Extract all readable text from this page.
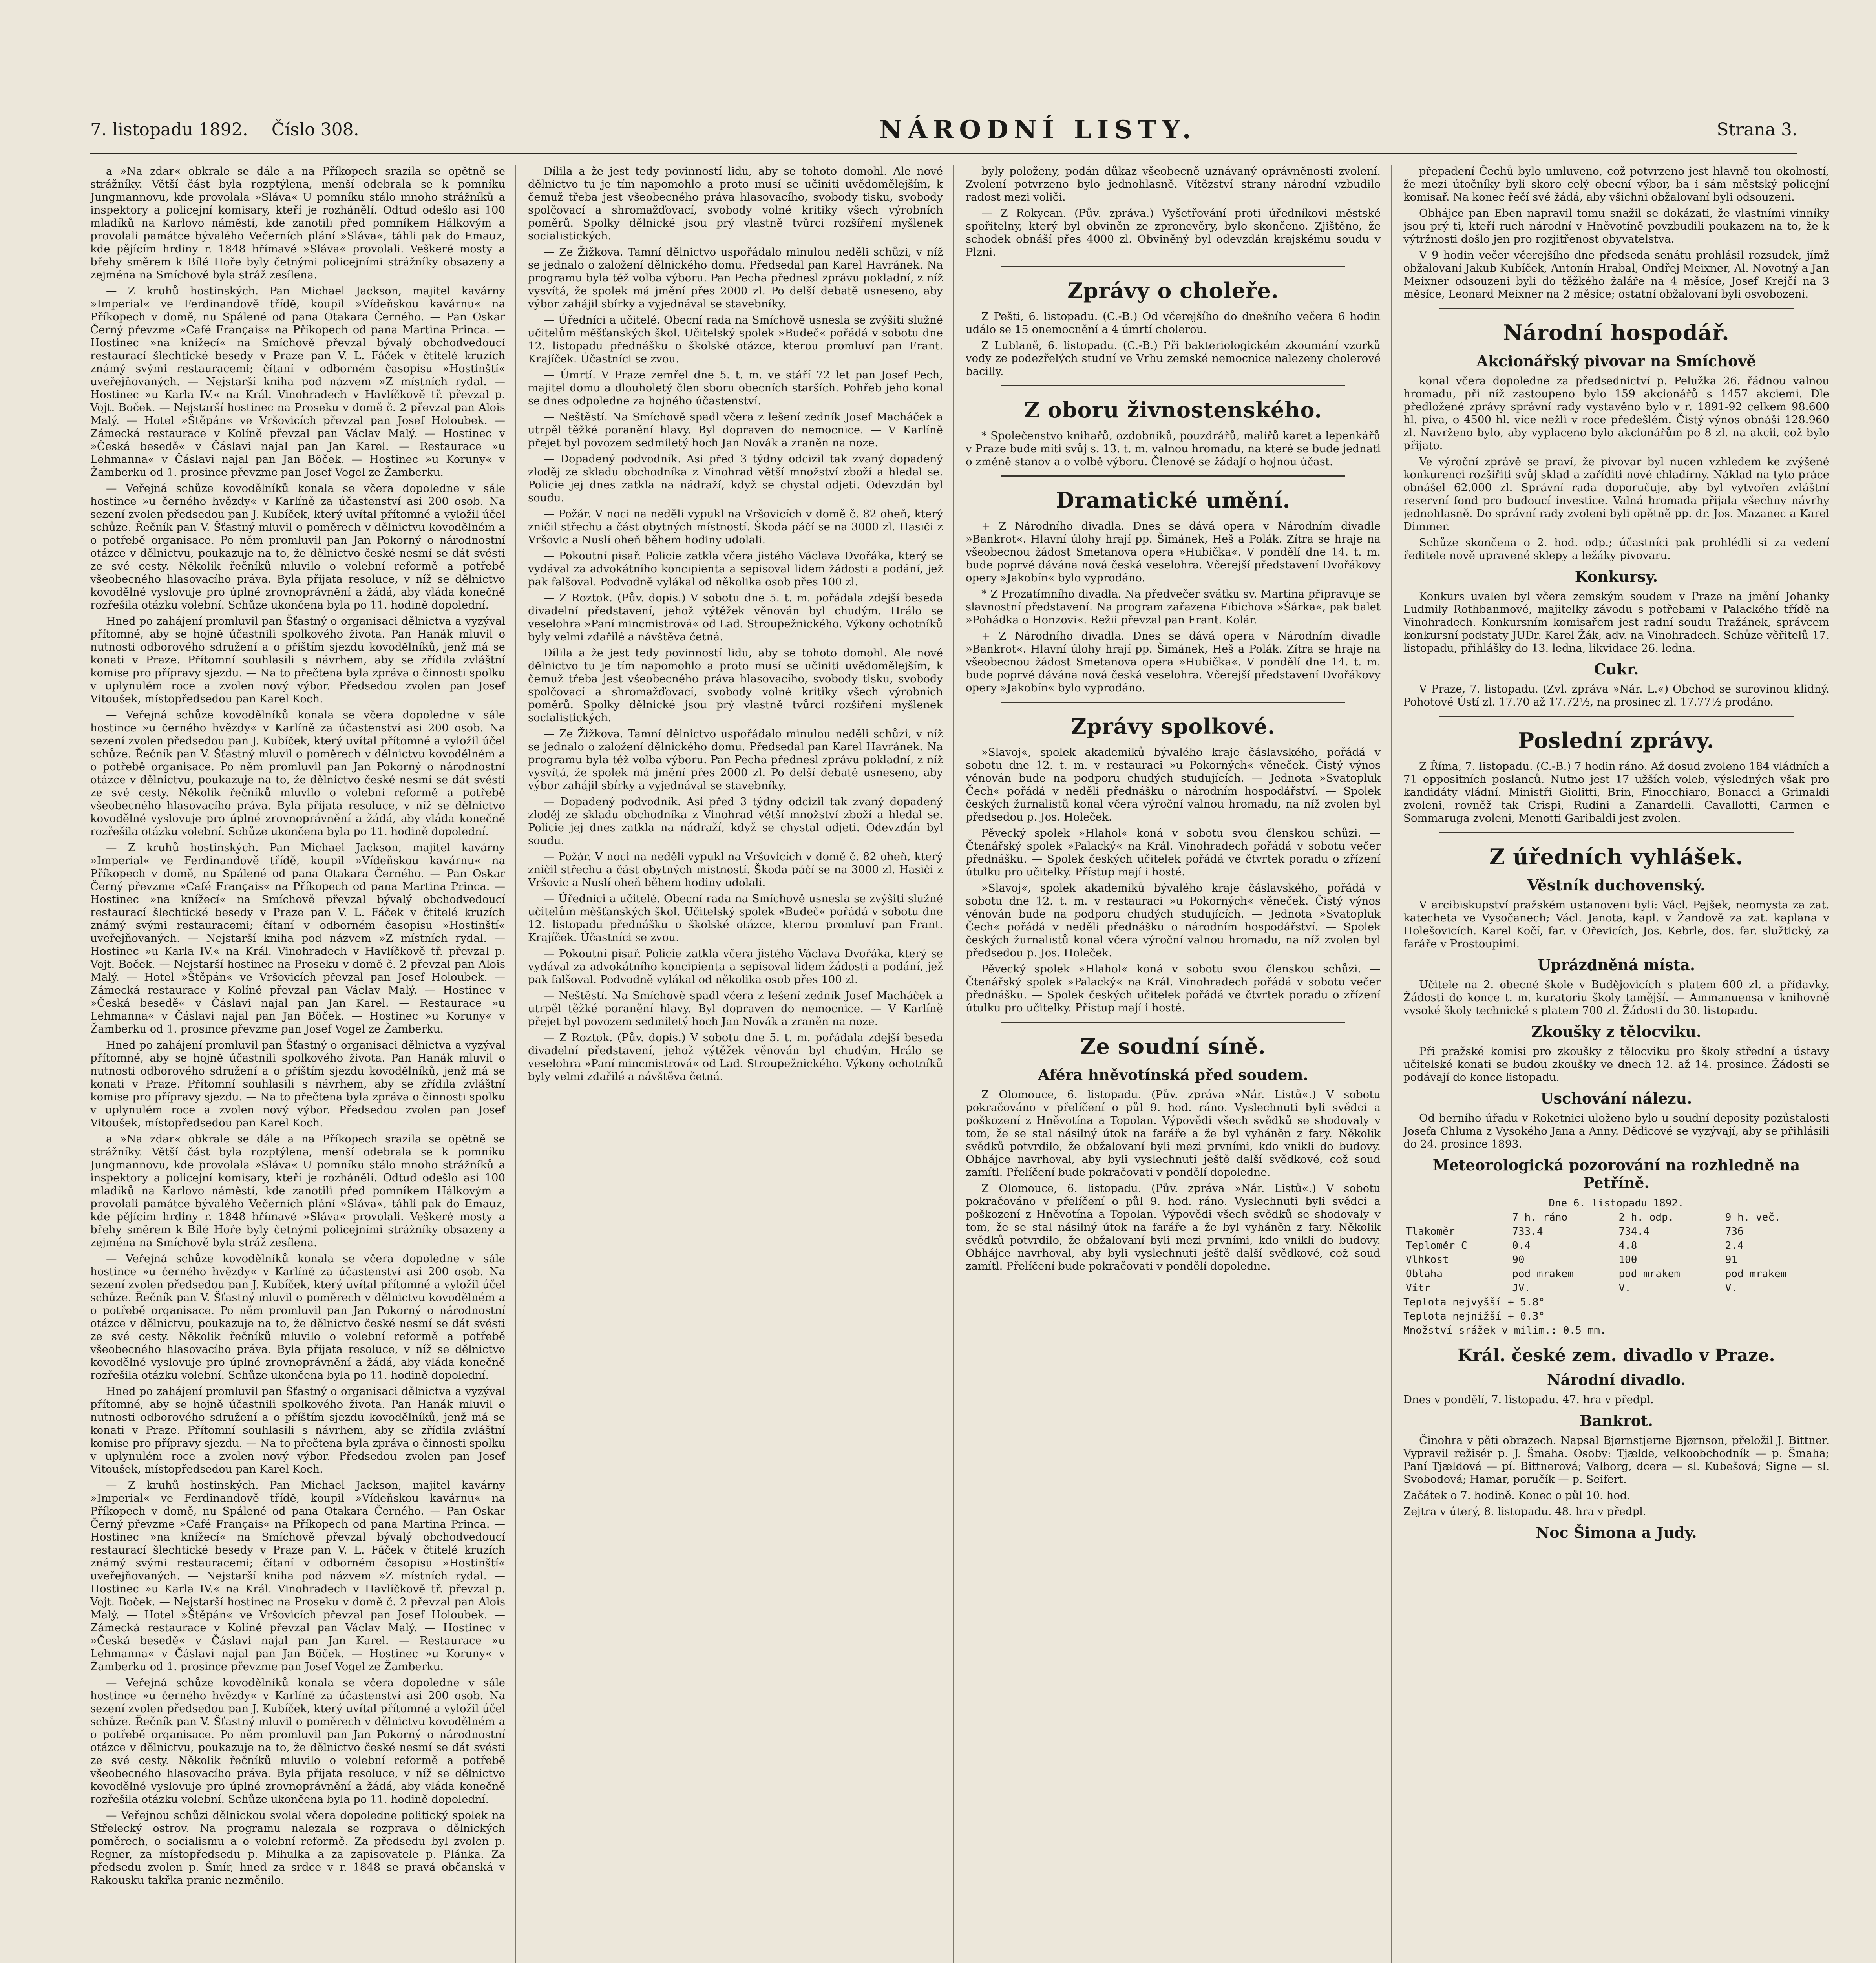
7. listopadu 1892. Číslo 308.	NÁRODNÍ LISTY.	Strana 3.

a »Na zdar« obkrale se dále a na Příkopech srazila se opětně se strážníky. Větší část byla rozptýlena, menší odebrala se k pomníku Jungmannovu, kde provolala »Sláva« U pomníku stálo mnoho strážníků a inspektory a policejní komisary, kteří je rozhánělí. Odtud odešlo asi 100 mladíků na Karlovo náměstí, kde zanotili před pomníkem Hálkovým a provolali památce bývalého Večerních plání »Sláva«, táhli pak do Emauz, kde pějícím hrdiny r. 1848 hřímavé »Sláva« provolali. Veškeré mosty a břehy směrem k Bílé Hoře byly četnými policejními strážníky obsazeny a zejména na Smíchově byla stráž zesílena.

— Z kruhů hostinských. Pan Michael Jackson, majitel kavárny »Imperial« ve Ferdinandově třídě, koupil »Vídeňskou kavárnu« na Příkopech v domě, nu Spálené od pana Otakara Černého. — Pan Oskar Černý převzme »Café Français« na Příkopech od pana Martina Princa. — Hostinec »na knížecí« na Smíchově převzal bývalý obchodvedoucí restaurací šlechtické besedy v Praze pan V. L. Fáček v čtitelé kruzích známý svými restauracemi; čítaní v odborném časopisu »Hostinští« uveřejňovaných. — Nejstarší kniha pod názvem »Z místních rydal. — Hostinec »u Karla IV.« na Král. Vinohradech v Havlíčkově tř. převzal p. Vojt. Boček. — Nejstarší hostinec na Proseku v domě č. 2 převzal pan Alois Malý. — Hotel »Štěpán« ve Vršovicích převzal pan Josef Holoubek. — Zámecká restaurace v Kolíně převzal pan Václav Malý. — Hostinec v »Česká besedě« v Čáslavi najal pan Jan Karel. — Restaurace »u Lehmanna« v Čáslavi najal pan Jan Böček. — Hostinec »u Koruny« v Žamberku od 1. prosince převzme pan Josef Vogel ze Žamberku.

— Veřejná schůze kovodělníků konala se včera dopoledne v sále hostince »u černého hvězdy« v Karlíně za účastenství asi 200 osob. Na sezení zvolen předsedou pan J. Kubíček, který uvítal přítomné a vyložil účel schůze. Řečník pan V. Šťastný mluvil o poměrech v dělnictvu kovodělném a o potřebě organisace. Po něm promluvil pan Jan Pokorný o národnostní otázce v dělnictvu, poukazuje na to, že dělnictvo české nesmí se dát svésti ze své cesty. Několik řečníků mluvilo o volební reformě a potřebě všeobecného hlasovacího práva. Byla přijata resoluce, v níž se dělnictvo kovodělné vyslovuje pro úplné zrovnoprávnění a žádá, aby vláda konečně rozřešila otázku volební. Schůze ukončena byla po 11. hodině dopolední.

Hned po zahájení promluvil pan Šťastný o organisaci dělnictva a vyzýval přítomné, aby se hojně účastnili spolkového života. Pan Hanák mluvil o nutnosti odborového sdružení a o příštím sjezdu kovodělníků, jenž má se konati v Praze. Přítomní souhlasili s návrhem, aby se zřídila zvláštní komise pro přípravy sjezdu. — Na to přečtena byla zpráva o činnosti spolku v uplynulém roce a zvolen nový výbor. Předsedou zvolen pan Josef Vitoušek, místopředsedou pan Karel Koch.

— Veřejná schůze kovodělníků konala se včera dopoledne v sále hostince »u černého hvězdy« v Karlíně za účastenství asi 200 osob. Na sezení zvolen předsedou pan J. Kubíček, který uvítal přítomné a vyložil účel schůze. Řečník pan V. Šťastný mluvil o poměrech v dělnictvu kovodělném a o potřebě organisace. Po něm promluvil pan Jan Pokorný o národnostní otázce v dělnictvu, poukazuje na to, že dělnictvo české nesmí se dát svésti ze své cesty. Několik řečníků mluvilo o volební reformě a potřebě všeobecného hlasovacího práva. Byla přijata resoluce, v níž se dělnictvo kovodělné vyslovuje pro úplné zrovnoprávnění a žádá, aby vláda konečně rozřešila otázku volební. Schůze ukončena byla po 11. hodině dopolední.

— Z kruhů hostinských. Pan Michael Jackson, majitel kavárny »Imperial« ve Ferdinandově třídě, koupil »Vídeňskou kavárnu« na Příkopech v domě, nu Spálené od pana Otakara Černého. — Pan Oskar Černý převzme »Café Français« na Příkopech od pana Martina Princa. — Hostinec »na knížecí« na Smíchově převzal bývalý obchodvedoucí restaurací šlechtické besedy v Praze pan V. L. Fáček v čtitelé kruzích známý svými restauracemi; čítaní v odborném časopisu »Hostinští« uveřejňovaných. — Nejstarší kniha pod názvem »Z místních rydal. — Hostinec »u Karla IV.« na Král. Vinohradech v Havlíčkově tř. převzal p. Vojt. Boček. — Nejstarší hostinec na Proseku v domě č. 2 převzal pan Alois Malý. — Hotel »Štěpán« ve Vršovicích převzal pan Josef Holoubek. — Zámecká restaurace v Kolíně převzal pan Václav Malý. — Hostinec v »Česká besedě« v Čáslavi najal pan Jan Karel. — Restaurace »u Lehmanna« v Čáslavi najal pan Jan Böček. — Hostinec »u Koruny« v Žamberku od 1. prosince převzme pan Josef Vogel ze Žamberku.

Hned po zahájení promluvil pan Šťastný o organisaci dělnictva a vyzýval přítomné, aby se hojně účastnili spolkového života. Pan Hanák mluvil o nutnosti odborového sdružení a o příštím sjezdu kovodělníků, jenž má se konati v Praze. Přítomní souhlasili s návrhem, aby se zřídila zvláštní komise pro přípravy sjezdu. — Na to přečtena byla zpráva o činnosti spolku v uplynulém roce a zvolen nový výbor. Předsedou zvolen pan Josef Vitoušek, místopředsedou pan Karel Koch.

a »Na zdar« obkrale se dále a na Příkopech srazila se opětně se strážníky. Větší část byla rozptýlena, menší odebrala se k pomníku Jungmannovu, kde provolala »Sláva« U pomníku stálo mnoho strážníků a inspektory a policejní komisary, kteří je rozhánělí. Odtud odešlo asi 100 mladíků na Karlovo náměstí, kde zanotili před pomníkem Hálkovým a provolali památce bývalého Večerních plání »Sláva«, táhli pak do Emauz, kde pějícím hrdiny r. 1848 hřímavé »Sláva« provolali. Veškeré mosty a břehy směrem k Bílé Hoře byly četnými policejními strážníky obsazeny a zejména na Smíchově byla stráž zesílena.

— Veřejná schůze kovodělníků konala se včera dopoledne v sále hostince »u černého hvězdy« v Karlíně za účastenství asi 200 osob. Na sezení zvolen předsedou pan J. Kubíček, který uvítal přítomné a vyložil účel schůze. Řečník pan V. Šťastný mluvil o poměrech v dělnictvu kovodělném a o potřebě organisace. Po něm promluvil pan Jan Pokorný o národnostní otázce v dělnictvu, poukazuje na to, že dělnictvo české nesmí se dát svésti ze své cesty. Několik řečníků mluvilo o volební reformě a potřebě všeobecného hlasovacího práva. Byla přijata resoluce, v níž se dělnictvo kovodělné vyslovuje pro úplné zrovnoprávnění a žádá, aby vláda konečně rozřešila otázku volební. Schůze ukončena byla po 11. hodině dopolední.

Hned po zahájení promluvil pan Šťastný o organisaci dělnictva a vyzýval přítomné, aby se hojně účastnili spolkového života. Pan Hanák mluvil o nutnosti odborového sdružení a o příštím sjezdu kovodělníků, jenž má se konati v Praze. Přítomní souhlasili s návrhem, aby se zřídila zvláštní komise pro přípravy sjezdu. — Na to přečtena byla zpráva o činnosti spolku v uplynulém roce a zvolen nový výbor. Předsedou zvolen pan Josef Vitoušek, místopředsedou pan Karel Koch.

— Z kruhů hostinských. Pan Michael Jackson, majitel kavárny »Imperial« ve Ferdinandově třídě, koupil »Vídeňskou kavárnu« na Příkopech v domě, nu Spálené od pana Otakara Černého. — Pan Oskar Černý převzme »Café Français« na Příkopech od pana Martina Princa. — Hostinec »na knížecí« na Smíchově převzal bývalý obchodvedoucí restaurací šlechtické besedy v Praze pan V. L. Fáček v čtitelé kruzích známý svými restauracemi; čítaní v odborném časopisu »Hostinští« uveřejňovaných. — Nejstarší kniha pod názvem »Z místních rydal. — Hostinec »u Karla IV.« na Král. Vinohradech v Havlíčkově tř. převzal p. Vojt. Boček. — Nejstarší hostinec na Proseku v domě č. 2 převzal pan Alois Malý. — Hotel »Štěpán« ve Vršovicích převzal pan Josef Holoubek. — Zámecká restaurace v Kolíně převzal pan Václav Malý. — Hostinec v »Česká besedě« v Čáslavi najal pan Jan Karel. — Restaurace »u Lehmanna« v Čáslavi najal pan Jan Böček. — Hostinec »u Koruny« v Žamberku od 1. prosince převzme pan Josef Vogel ze Žamberku.

— Veřejná schůze kovodělníků konala se včera dopoledne v sále hostince »u černého hvězdy« v Karlíně za účastenství asi 200 osob. Na sezení zvolen předsedou pan J. Kubíček, který uvítal přítomné a vyložil účel schůze. Řečník pan V. Šťastný mluvil o poměrech v dělnictvu kovodělném a o potřebě organisace. Po něm promluvil pan Jan Pokorný o národnostní otázce v dělnictvu, poukazuje na to, že dělnictvo české nesmí se dát svésti ze své cesty. Několik řečníků mluvilo o volební reformě a potřebě všeobecného hlasovacího práva. Byla přijata resoluce, v níž se dělnictvo kovodělné vyslovuje pro úplné zrovnoprávnění a žádá, aby vláda konečně rozřešila otázku volební. Schůze ukončena byla po 11. hodině dopolední.

— Veřejnou schůzi dělnickou svolal včera dopoledne politický spolek na Střelecký ostrov. Na programu nalezala se rozprava o dělnických poměrech, o socialismu a o volební reformě. Za předsedu byl zvolen p. Regner, za místopředsedu p. Mihulka a za zapisovatele p. Plánka. Za předsedu zvolen p. Šmír, hned za srdce v r. 1848 se pravá občanská v Rakousku takřka pranic nezměnilo.

Dílila a že jest tedy povinností lidu, aby se tohoto domohl. Ale nové dělnictvo tu je tím napomohlo a proto musí se učiniti uvědomělejším, k čemuž třeba jest všeobecného práva hlasovacího, svobody tisku, svobody spolčovací a shromažďovací, svobody volné kritiky všech výrobních poměrů. Spolky dělnické jsou prý vlastně tvůrci rozšíření myšlenek socialistických.

— Ze Žižkova. Tamní dělnictvo uspořádalo minulou neděli schůzi, v níž se jednalo o založení dělnického domu. Předsedal pan Karel Havránek. Na programu byla též volba výboru. Pan Pecha přednesl zprávu pokladní, z níž vysvítá, že spolek má jmění přes 2000 zl. Po delší debatě usneseno, aby výbor zahájil sbírky a vyjednával se stavebníky.

— Úředníci a učitelé. Obecní rada na Smíchově usnesla se zvýšiti služné učitelům měšťanských škol. Učitelský spolek »Budeč« pořádá v sobotu dne 12. listopadu přednášku o školské otázce, kterou promluví pan Frant. Krajíček. Účastníci se zvou.

— Úmrtí. V Praze zemřel dne 5. t. m. ve stáří 72 let pan Josef Pech, majitel domu a dlouholetý člen sboru obecních starších. Pohřeb jeho konal se dnes odpoledne za hojného účastenství.

— Neštěstí. Na Smíchově spadl včera z lešení zedník Josef Macháček a utrpěl těžké poranění hlavy. Byl dopraven do nemocnice. — V Karlíně přejet byl povozem sedmiletý hoch Jan Novák a zraněn na noze.

— Dopadený podvodník. Asi před 3 týdny odcizil tak zvaný dopadený zloděj ze skladu obchodníka z Vinohrad větší množství zboží a hledal se. Policie jej dnes zatkla na nádraží, když se chystal odjeti. Odevzdán byl soudu.

— Požár. V noci na neděli vypukl na Vršovicích v domě č. 82 oheň, který zničil střechu a část obytných místností. Škoda páčí se na 3000 zl. Hasiči z Vršovic a Nuslí oheň během hodiny udolali.

— Pokoutní pisař. Policie zatkla včera jistého Václava Dvořáka, který se vydával za advokátního koncipienta a sepisoval lidem žádosti a podání, jež pak falšoval. Podvodně vylákal od několika osob přes 100 zl.

— Z Roztok. (Pův. dopis.) V sobotu dne 5. t. m. pořádala zdejší beseda divadelní představení, jehož výtěžek věnován byl chudým. Hrálo se veselohra »Paní mincmistrová« od Lad. Stroupežnického. Výkony ochotníků byly velmi zdařilé a návštěva četná.

Dílila a že jest tedy povinností lidu, aby se tohoto domohl. Ale nové dělnictvo tu je tím napomohlo a proto musí se učiniti uvědomělejším, k čemuž třeba jest všeobecného práva hlasovacího, svobody tisku, svobody spolčovací a shromažďovací, svobody volné kritiky všech výrobních poměrů. Spolky dělnické jsou prý vlastně tvůrci rozšíření myšlenek socialistických.

— Ze Žižkova. Tamní dělnictvo uspořádalo minulou neděli schůzi, v níž se jednalo o založení dělnického domu. Předsedal pan Karel Havránek. Na programu byla též volba výboru. Pan Pecha přednesl zprávu pokladní, z níž vysvítá, že spolek má jmění přes 2000 zl. Po delší debatě usneseno, aby výbor zahájil sbírky a vyjednával se stavebníky.

— Dopadený podvodník. Asi před 3 týdny odcizil tak zvaný dopadený zloděj ze skladu obchodníka z Vinohrad větší množství zboží a hledal se. Policie jej dnes zatkla na nádraží, když se chystal odjeti. Odevzdán byl soudu.

— Požár. V noci na neděli vypukl na Vršovicích v domě č. 82 oheň, který zničil střechu a část obytných místností. Škoda páčí se na 3000 zl. Hasiči z Vršovic a Nuslí oheň během hodiny udolali.

— Úředníci a učitelé. Obecní rada na Smíchově usnesla se zvýšiti služné učitelům měšťanských škol. Učitelský spolek »Budeč« pořádá v sobotu dne 12. listopadu přednášku o školské otázce, kterou promluví pan Frant. Krajíček. Účastníci se zvou.

— Pokoutní pisař. Policie zatkla včera jistého Václava Dvořáka, který se vydával za advokátního koncipienta a sepisoval lidem žádosti a podání, jež pak falšoval. Podvodně vylákal od několika osob přes 100 zl.

— Neštěstí. Na Smíchově spadl včera z lešení zedník Josef Macháček a utrpěl těžké poranění hlavy. Byl dopraven do nemocnice. — V Karlíně přejet byl povozem sedmiletý hoch Jan Novák a zraněn na noze.

— Z Roztok. (Pův. dopis.) V sobotu dne 5. t. m. pořádala zdejší beseda divadelní představení, jehož výtěžek věnován byl chudým. Hrálo se veselohra »Paní mincmistrová« od Lad. Stroupežnického. Výkony ochotníků byly velmi zdařilé a návštěva četná.

byly položeny, podán důkaz všeobecně uznávaný oprávněnosti zvolení. Zvolení potvrzeno bylo jednohlasně. Vítězství strany národní vzbudilo radost mezi voliči.

— Z Rokycan. (Pův. zpráva.) Vyšetřování proti úředníkovi městské spořitelny, který byl obviněn ze zpronevěry, bylo skončeno. Zjištěno, že schodek obnáší přes 4000 zl. Obviněný byl odevzdán krajskému soudu v Plzni.

Zprávy o choleře.

Z Pešti, 6. listopadu. (C.-B.) Od včerejšího do dnešního večera 6 hodin událo se 15 onemocnění a 4 úmrtí cholerou.

Z Lublaně, 6. listopadu. (C.-B.) Při bakteriologickém zkoumání vzorků vody ze podezřelých studní ve Vrhu zemské nemocnice nalezeny cholerové bacilly.

Z oboru živnostenského.

* Společenstvo knihařů, ozdobníků, pouzdrářů, malířů karet a lepenkářů v Praze bude míti svůj s. 13. t. m. valnou hromadu, na které se bude jednati o změně stanov a o volbě výboru. Členové se žádají o hojnou účast.

Dramatické umění.

+ Z Národního divadla. Dnes se dává opera v Národním divadle »Bankrot«. Hlavní úlohy hrají pp. Šimánek, Heš a Polák. Zítra se hraje na všeobecnou žádost Smetanova opera »Hubička«. V pondělí dne 14. t. m. bude poprvé dávána nová česká veselohra. Včerejší představení Dvořákovy opery »Jakobín« bylo vyprodáno.

* Z Prozatímního divadla. Na předvečer svátku sv. Martina připravuje se slavnostní představení. Na program zařazena Fibichova »Šárka«, pak balet »Pohádka o Honzovi«. Režii převzal pan Frant. Kolár.

+ Z Národního divadla. Dnes se dává opera v Národním divadle »Bankrot«. Hlavní úlohy hrají pp. Šimánek, Heš a Polák. Zítra se hraje na všeobecnou žádost Smetanova opera »Hubička«. V pondělí dne 14. t. m. bude poprvé dávána nová česká veselohra. Včerejší představení Dvořákovy opery »Jakobín« bylo vyprodáno.

Zprávy spolkové.

»Slavoj«, spolek akademiků bývalého kraje čáslavského, pořádá v sobotu dne 12. t. m. v restauraci »u Pokorných« věneček. Čistý výnos věnován bude na podporu chudých studujících. — Jednota »Svatopluk Čech« pořádá v neděli přednášku o národním hospodářství. — Spolek českých žurnalistů konal včera výroční valnou hromadu, na níž zvolen byl předsedou p. Jos. Holeček.

Pěvecký spolek »Hlahol« koná v sobotu svou členskou schůzi. — Čtenářský spolek »Palacký« na Král. Vinohradech pořádá v sobotu večer přednášku. — Spolek českých učitelek pořádá ve čtvrtek poradu o zřízení útulku pro učitelky. Přístup mají i hosté.

»Slavoj«, spolek akademiků bývalého kraje čáslavského, pořádá v sobotu dne 12. t. m. v restauraci »u Pokorných« věneček. Čistý výnos věnován bude na podporu chudých studujících. — Jednota »Svatopluk Čech« pořádá v neděli přednášku o národním hospodářství. — Spolek českých žurnalistů konal včera výroční valnou hromadu, na níž zvolen byl předsedou p. Jos. Holeček.

Pěvecký spolek »Hlahol« koná v sobotu svou členskou schůzi. — Čtenářský spolek »Palacký« na Král. Vinohradech pořádá v sobotu večer přednášku. — Spolek českých učitelek pořádá ve čtvrtek poradu o zřízení útulku pro učitelky. Přístup mají i hosté.

Ze soudní síně.
Aféra hněvotínská před soudem.

Z Olomouce, 6. listopadu. (Pův. zpráva »Nár. Listů«.) V sobotu pokračováno v přelíčení o půl 9. hod. ráno. Vyslechnuti byli svědci a poškození z Hněvotína a Topolan. Výpovědi všech svědků se shodovaly v tom, že se stal násilný útok na faráře a že byl vyháněn z fary. Několik svědků potvrdilo, že obžalovaní byli mezi prvními, kdo vnikli do budovy. Obhájce navrhoval, aby byli vyslechnuti ještě další svědkové, což soud zamítl. Přelíčení bude pokračovati v pondělí dopoledne.

Z Olomouce, 6. listopadu. (Pův. zpráva »Nár. Listů«.) V sobotu pokračováno v přelíčení o půl 9. hod. ráno. Vyslechnuti byli svědci a poškození z Hněvotína a Topolan. Výpovědi všech svědků se shodovaly v tom, že se stal násilný útok na faráře a že byl vyháněn z fary. Několik svědků potvrdilo, že obžalovaní byli mezi prvními, kdo vnikli do budovy. Obhájce navrhoval, aby byli vyslechnuti ještě další svědkové, což soud zamítl. Přelíčení bude pokračovati v pondělí dopoledne.

přepadení Čechů bylo umluveno, což potvrzeno jest hlavně tou okolností, že mezi útočníky byli skoro celý obecní výbor, ba i sám městský policejní komisař. Na konec řečí své žádá, aby všichni obžalovaní byli odsouzeni.

Obhájce pan Eben napravil tomu snažil se dokázati, že vlastními vinníky jsou prý ti, kteří ruch národní v Hněvotíně povzbudili poukazem na to, že k výtržnosti došlo jen pro rozjitřenost obyvatelstva.

V 9 hodin večer včerejšího dne předseda senátu prohlásil rozsudek, jímž obžalovaní Jakub Kubíček, Antonín Hrabal, Ondřej Meixner, Al. Novotný a Jan Meixner odsouzeni byli do těžkého žaláře na 4 měsíce, Josef Krejčí na 3 měsíce, Leonard Meixner na 2 měsíce; ostatní obžalovaní byli osvobozeni.

Národní hospodář.
Akcionářský pivovar na Smíchově

konal včera dopoledne za předsednictví p. Pelužka 26. řádnou valnou hromadu, při níž zastoupeno bylo 159 akcionářů s 1457 akciemi. Dle předložené zprávy správní rady vystavěno bylo v r. 1891-92 celkem 98.600 hl. piva, o 4500 hl. více nežli v roce předešlém. Čistý výnos obnáší 128.960 zl. Navrženo bylo, aby vyplaceno bylo akcionářům po 8 zl. na akcii, což bylo přijato.

Ve výroční zprávě se praví, že pivovar byl nucen vzhledem ke zvýšené konkurenci rozšířiti svůj sklad a zaříditi nové chladírny. Náklad na tyto práce obnášel 62.000 zl. Správní rada doporučuje, aby byl vytvořen zvláštní reservní fond pro budoucí investice. Valná hromada přijala všechny návrhy jednohlasně. Do správní rady zvoleni byli opětně pp. dr. Jos. Mazanec a Karel Dimmer.

Schůze skončena o 2. hod. odp.; účastníci pak prohlédli si za vedení ředitele nově upravené sklepy a ležáky pivovaru.

Konkursy.

Konkurs uvalen byl včera zemským soudem v Praze na jmění Johanky Ludmily Rothbanmové, majitelky závodu s potřebami v Palackého třídě na Vinohradech. Konkursním komisařem jest radní soudu Tražánek, správcem konkursní podstaty JUDr. Karel Žák, adv. na Vinohradech. Schůze věřitelů 17. listopadu, přihlášky do 13. ledna, likvidace 26. ledna.

Cukr.

V Praze, 7. listopadu. (Zvl. zpráva »Nár. L.«) Obchod se surovinou klidný. Pohotové Ústí zl. 17.70 až 17.72½, na prosinec zl. 17.77½ prodáno.

Poslední zprávy.

Z Říma, 7. listopadu. (C.-B.) 7 hodin ráno. Až dosud zvoleno 184 vládních a 71 oppositních poslanců. Nutno jest 17 užších voleb, výsledných však pro kandidáty vládní. Ministři Giolitti, Brin, Finocchiaro, Bonacci a Grimaldi zvoleni, rovněž tak Crispi, Rudini a Zanardelli. Cavallotti, Carmen e Sommaruga zvoleni, Menotti Garibaldi jest zvolen.

Z úředních vyhlášek.
Věstník duchovenský.

V arcibiskupství pražském ustanoveni byli: Václ. Pejšek, neomysta za zat. katecheta ve Vysočanech; Václ. Janota, kapl. v Žandově za zat. kaplana v Holešovicích. Karel Kočí, far. v Ořevicích, Jos. Kebrle, dos. far. služtický, za faráře v Prostoupimi.

Uprázdněná místa.

Učitele na 2. obecné škole v Budějovicích s platem 600 zl. a přídavky. Žádosti do konce t. m. kuratoriu školy tamější. — Ammanuensa v knihovně vysoké školy technické s platem 700 zl. Žádosti do 30. listopadu.

Zkoušky z tělocviku.

Při pražské komisi pro zkoušky z tělocviku pro školy střední a ústavy učitelské konati se budou zkoušky ve dnech 12. až 14. prosince. Žádosti se podávají do konce listopadu.

Uschování nálezu.

Od berního úřadu v Roketnici uloženo bylo u soudní deposity pozůstalosti Josefa Chluma z Vysokého Jana a Anny. Dědicové se vyzývají, aby se přihlásili do 24. prosince 1893.

Meteorologická pozorování na rozhledně na Petříně.
Dne 6. listopadu 1892.
	7 h. ráno	2 h. odp.	9 h. več.
Tlakoměr	733.4	734.4	736
Teploměr C	0.4	4.8	2.4
Vlhkost	90	100	91
Oblaha	pod mrakem	pod mrakem	pod mrakem
Vítr	JV.	V.	V.
Teplota nejvyšší + 5.8°
Teplota nejnižší + 0.3°
Množství srážek v milim.: 0.5 mm.
Král. české zem. divadlo v Praze.
Národní divadlo.

Dnes v pondělí, 7. listopadu. 47. hra v předpl.

Bankrot.

Činohra v pěti obrazech. Napsal Bjørnstjerne Bjørnson, přeložil J. Bittner. Vypravil režisér p. J. Šmaha. Osoby: Tjælde, velkoobchodník — p. Šmaha; Paní Tjældová — pí. Bittnerová; Valborg, dcera — sl. Kubešová; Signe — sl. Svobodová; Hamar, poručík — p. Seifert.

Začátek o 7. hodině. Konec o půl 10. hod.

Zejtra v úterý, 8. listopadu. 48. hra v předpl.

Noc Šimona a Judy.
